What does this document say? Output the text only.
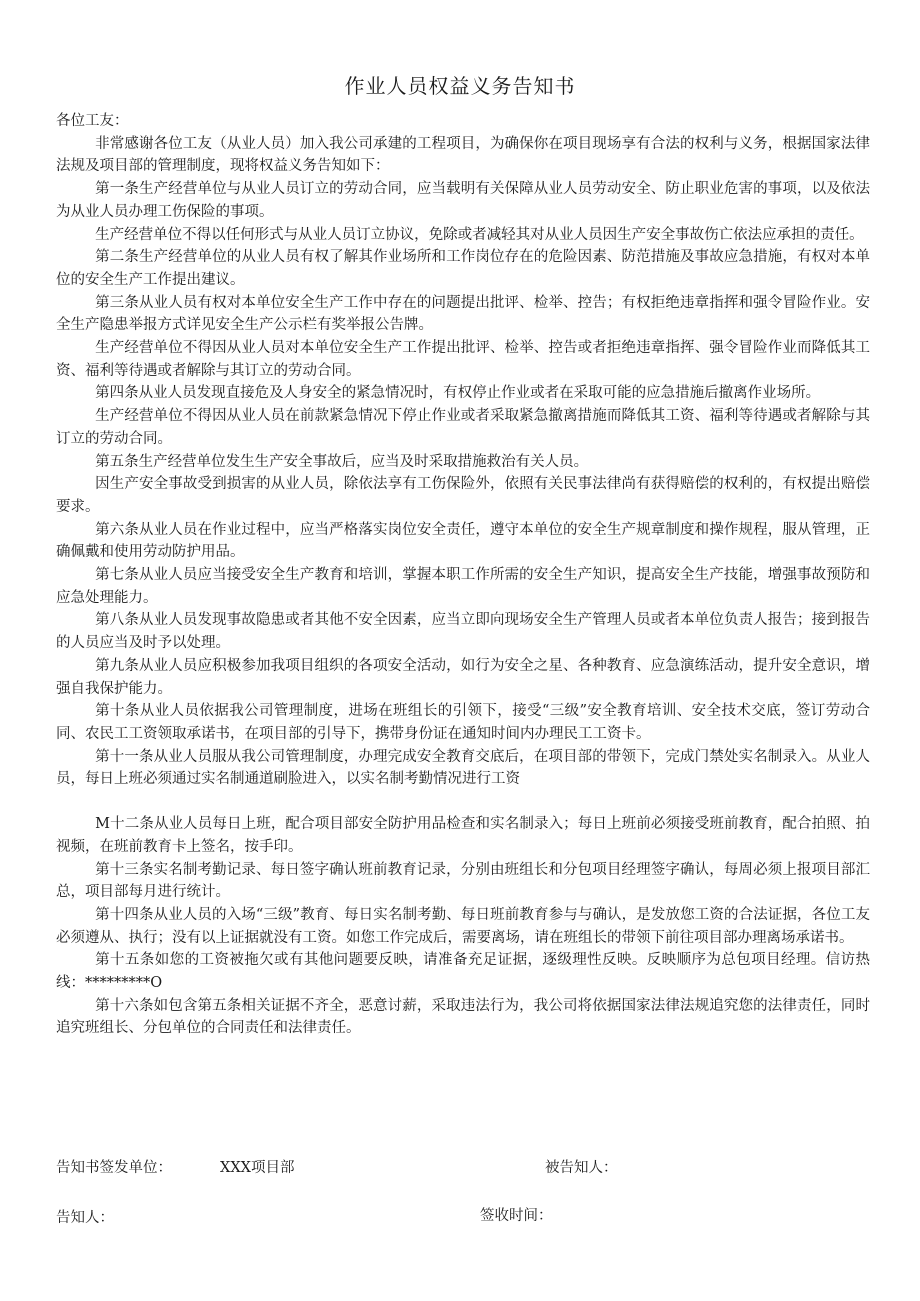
作业人员权益义务告知书

各位工友：

非常感谢各位工友（从业人员）加入我公司承建的工程项目，为确保你在项目现场享有合法的权利与义务，根据国家法律法规及项目部的管理制度，现将权益义务告知如下：

第一条生产经营单位与从业人员订立的劳动合同，应当载明有关保障从业人员劳动安全、防止职业危害的事项，以及依法为从业人员办理工伤保险的事项。

生产经营单位不得以任何形式与从业人员订立协议，免除或者减轻其对从业人员因生产安全事故伤亡依法应承担的责任。

第二条生产经营单位的从业人员有权了解其作业场所和工作岗位存在的危险因素、防范措施及事故应急措施，有权对本单位的安全生产工作提出建议。

第三条从业人员有权对本单位安全生产工作中存在的问题提出批评、检举、控告；有权拒绝违章指挥和强令冒险作业。安全生产隐患举报方式详见安全生产公示栏有奖举报公告牌。

生产经营单位不得因从业人员对本单位安全生产工作提出批评、检举、控告或者拒绝违章指挥、强令冒险作业而降低其工资、福利等待遇或者解除与其订立的劳动合同。

第四条从业人员发现直接危及人身安全的紧急情况时，有权停止作业或者在采取可能的应急措施后撤离作业场所。

生产经营单位不得因从业人员在前款紧急情况下停止作业或者采取紧急撤离措施而降低其工资、福利等待遇或者解除与其订立的劳动合同。

第五条生产经营单位发生生产安全事故后，应当及时采取措施救治有关人员。

因生产安全事故受到损害的从业人员，除依法享有工伤保险外，依照有关民事法律尚有获得赔偿的权利的，有权提出赔偿要求。

第六条从业人员在作业过程中，应当严格落实岗位安全责任，遵守本单位的安全生产规章制度和操作规程，服从管理，正确佩戴和使用劳动防护用品。

第七条从业人员应当接受安全生产教育和培训，掌握本职工作所需的安全生产知识，提高安全生产技能，增强事故预防和应急处理能力。

第八条从业人员发现事故隐患或者其他不安全因素，应当立即向现场安全生产管理人员或者本单位负责人报告；接到报告的人员应当及时予以处理。

第九条从业人员应积极参加我项目组织的各项安全活动，如行为安全之星、各种教育、应急演练活动，提升安全意识，增强自我保护能力。

第十条从业人员依据我公司管理制度，进场在班组长的引领下，接受“三级”安全教育培训、安全技术交底，签订劳动合同、农民工工资领取承诺书，在项目部的引导下，携带身份证在通知时间内办理民工工资卡。

第十一条从业人员服从我公司管理制度，办理完成安全教育交底后，在项目部的带领下，完成门禁处实名制录入。从业人员，每日上班必须通过实名制通道刷脸进入，以实名制考勤情况进行工资

M十二条从业人员每日上班，配合项目部安全防护用品检查和实名制录入；每日上班前必须接受班前教育，配合拍照、拍视频，在班前教育卡上签名，按手印。

第十三条实名制考勤记录、每日签字确认班前教育记录，分别由班组长和分包项目经理签字确认，每周必须上报项目部汇总，项目部每月进行统计。

第十四条从业人员的入场“三级”教育、每日实名制考勤、每日班前教育参与与确认，是发放您工资的合法证据，各位工友必须遵从、执行；没有以上证据就没有工资。如您工作完成后，需要离场，请在班组长的带领下前往项目部办理离场承诺书。

第十五条如您的工资被拖欠或有其他问题要反映，请准备充足证据，逐级理性反映。反映顺序为总包项目经理。信访热线：*********O

第十六条如包含第五条相关证据不齐全，恶意讨薪，采取违法行为，我公司将依据国家法律法规追究您的法律责任，同时追究班组长、分包单位的合同责任和法律责任。

告知书签发单位：	XXX项目部	被告知人：
告知人：	签收时间：
